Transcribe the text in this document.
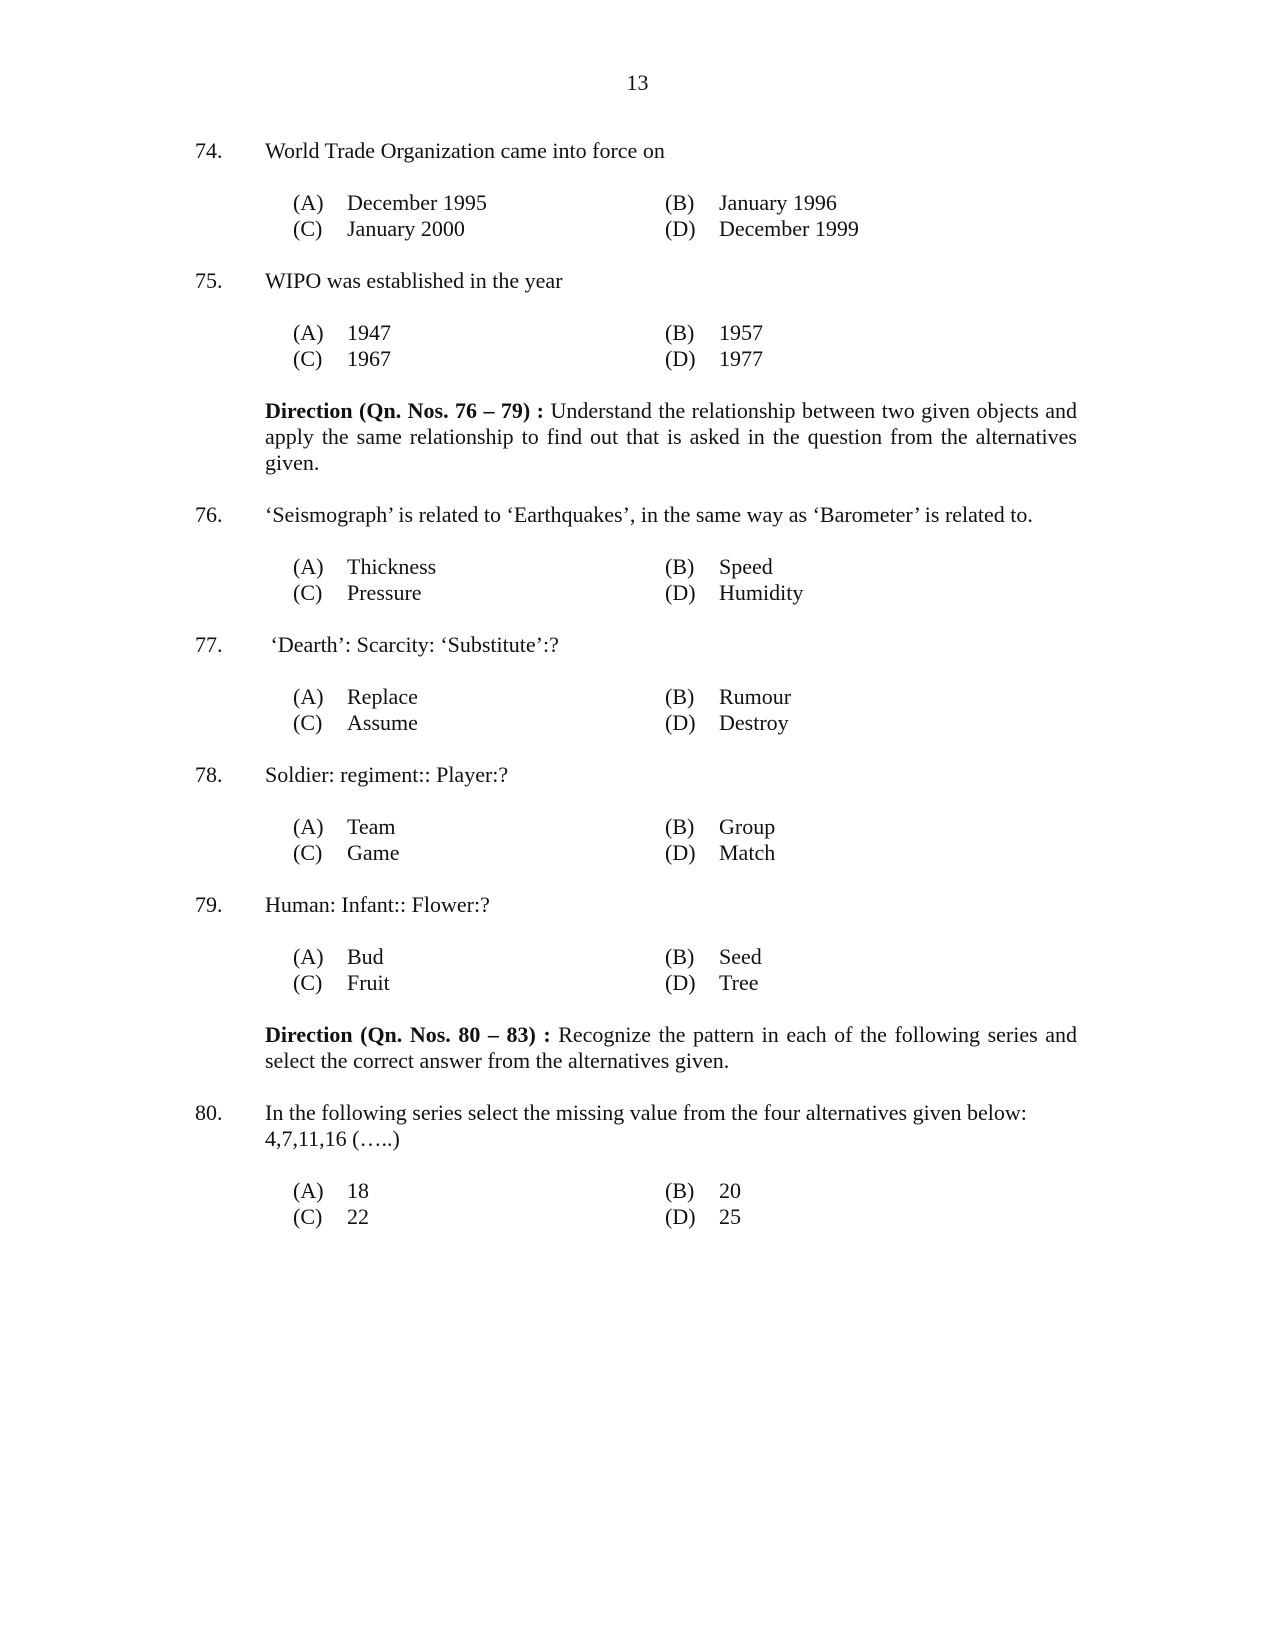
13
74.	World Trade Organization came into force on
(A) December 1995	(B) January 1996
(C) January 2000	(D) December 1999
75.	WIPO was established in the year
(A) 1947	(B) 1957
(C) 1967	(D) 1977
Direction (Qn. Nos. 76 – 79) : Understand the relationship between two given objects and apply the same relationship to find out that is asked in the question from the alternatives given.
76.	‘Seismograph’ is related to ‘Earthquakes’, in the same way as ‘Barometer’ is related to.
(A) Thickness	(B) Speed
(C) Pressure	(D) Humidity
77.	‘Dearth’: Scarcity: ‘Substitute’:?
(A) Replace	(B) Rumour
(C) Assume	(D) Destroy
78.	Soldier: regiment:: Player:?
(A) Team	(B) Group
(C) Game	(D) Match
79.	Human: Infant:: Flower:?
(A) Bud	(B) Seed
(C) Fruit	(D) Tree
Direction (Qn. Nos. 80 – 83) : Recognize the pattern in each of the following series and select the correct answer from the alternatives given.
80.	In the following series select the missing value from the four alternatives given below:
4,7,11,16 (…..)
(A) 18	(B) 20
(C) 22	(D) 25
